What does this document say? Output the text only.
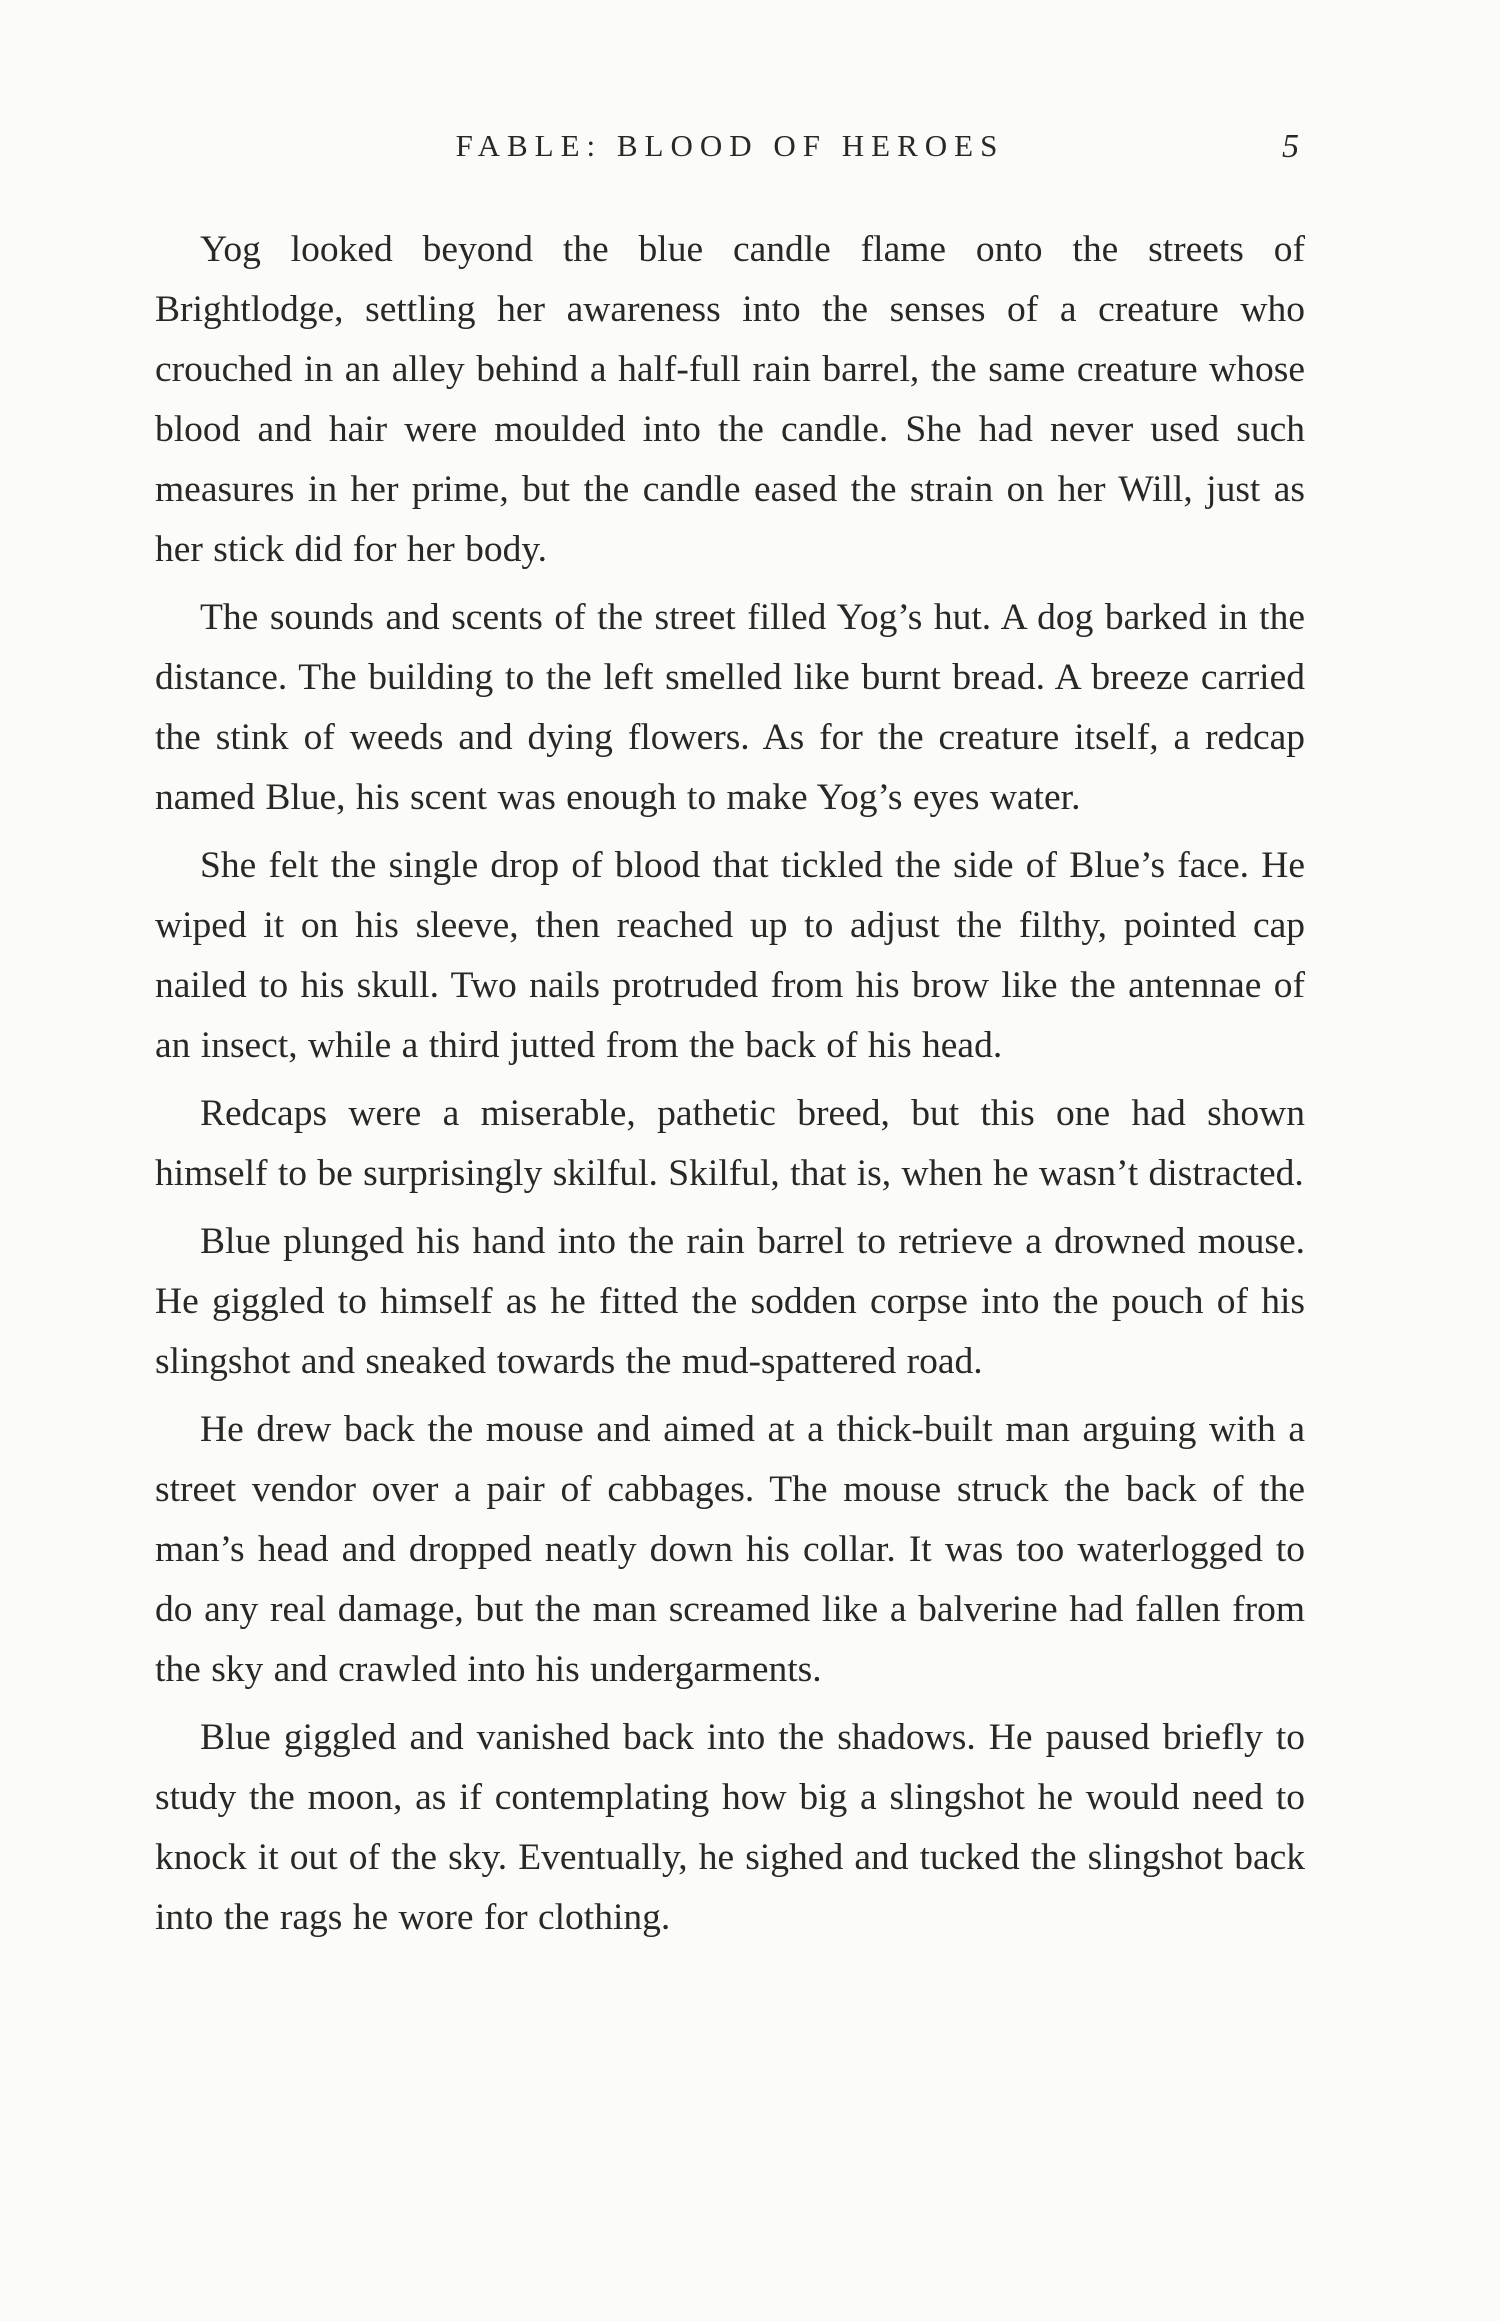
FABLE: BLOOD OF HEROES	5

Yog looked beyond the blue candle flame onto the streets of Brightlodge, settling her awareness into the senses of a creature who crouched in an alley behind a half-full rain barrel, the same creature whose blood and hair were moulded into the candle. She had never used such measures in her prime, but the candle eased the strain on her Will, just as her stick did for her body.

The sounds and scents of the street filled Yog’s hut. A dog barked in the distance. The building to the left smelled like burnt bread. A breeze carried the stink of weeds and dying flowers. As for the creature itself, a redcap named Blue, his scent was enough to make Yog’s eyes water.

She felt the single drop of blood that tickled the side of Blue’s face. He wiped it on his sleeve, then reached up to adjust the filthy, pointed cap nailed to his skull. Two nails protruded from his brow like the antennae of an insect, while a third jutted from the back of his head.

Redcaps were a miserable, pathetic breed, but this one had shown himself to be surprisingly skilful. Skilful, that is, when he wasn’t distracted.

Blue plunged his hand into the rain barrel to retrieve a drowned mouse. He giggled to himself as he fitted the sodden corpse into the pouch of his slingshot and sneaked towards the mud-spattered road.

He drew back the mouse and aimed at a thick-built man arguing with a street vendor over a pair of cabbages. The mouse struck the back of the man’s head and dropped neatly down his collar. It was too waterlogged to do any real damage, but the man screamed like a balverine had fallen from the sky and crawled into his undergarments.

Blue giggled and vanished back into the shadows. He paused briefly to study the moon, as if contemplating how big a slingshot he would need to knock it out of the sky. Eventually, he sighed and tucked the slingshot back into the rags he wore for clothing.
